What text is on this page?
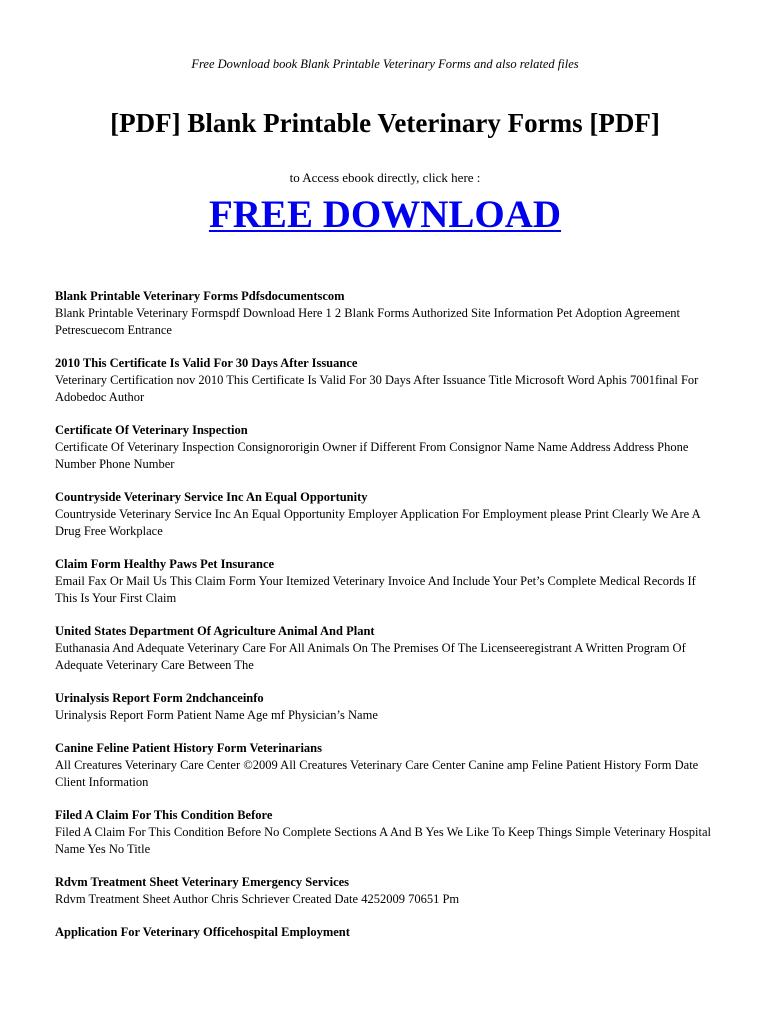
Free Download book Blank Printable Veterinary Forms and also related files
[PDF] Blank Printable Veterinary Forms [PDF]
to Access ebook directly, click here :
FREE DOWNLOAD

Blank Printable Veterinary Forms Pdfsdocumentscom

Blank Printable Veterinary Formspdf Download Here 1 2 Blank Forms Authorized Site Information Pet Adoption Agreement Petrescuecom Entrance

2010 This Certificate Is Valid For 30 Days After Issuance

Veterinary Certification nov 2010 This Certificate Is Valid For 30 Days After Issuance Title Microsoft Word Aphis 7001final For Adobedoc Author

Certificate Of Veterinary Inspection

Certificate Of Veterinary Inspection Consignororigin Owner if Different From Consignor Name Name Address Address Phone Number Phone Number

Countryside Veterinary Service Inc An Equal Opportunity

Countryside Veterinary Service Inc An Equal Opportunity Employer Application For Employment please Print Clearly We Are A Drug Free Workplace

Claim Form Healthy Paws Pet Insurance

Email Fax Or Mail Us This Claim Form Your Itemized Veterinary Invoice And Include Your Pet’s Complete Medical Records If This Is Your First Claim

United States Department Of Agriculture Animal And Plant

Euthanasia And Adequate Veterinary Care For All Animals On The Premises Of The Licenseeregistrant A Written Program Of Adequate Veterinary Care Between The

Urinalysis Report Form 2ndchanceinfo

Urinalysis Report Form Patient Name Age mf Physician’s Name

Canine Feline Patient History Form Veterinarians

All Creatures Veterinary Care Center ©2009 All Creatures Veterinary Care Center Canine amp Feline Patient History Form Date Client Information

Filed A Claim For This Condition Before

Filed A Claim For This Condition Before No Complete Sections A And B Yes We Like To Keep Things Simple Veterinary Hospital Name Yes No Title

Rdvm Treatment Sheet Veterinary Emergency Services

Rdvm Treatment Sheet Author Chris Schriever Created Date 4252009 70651 Pm

Application For Veterinary Officehospital Employment
